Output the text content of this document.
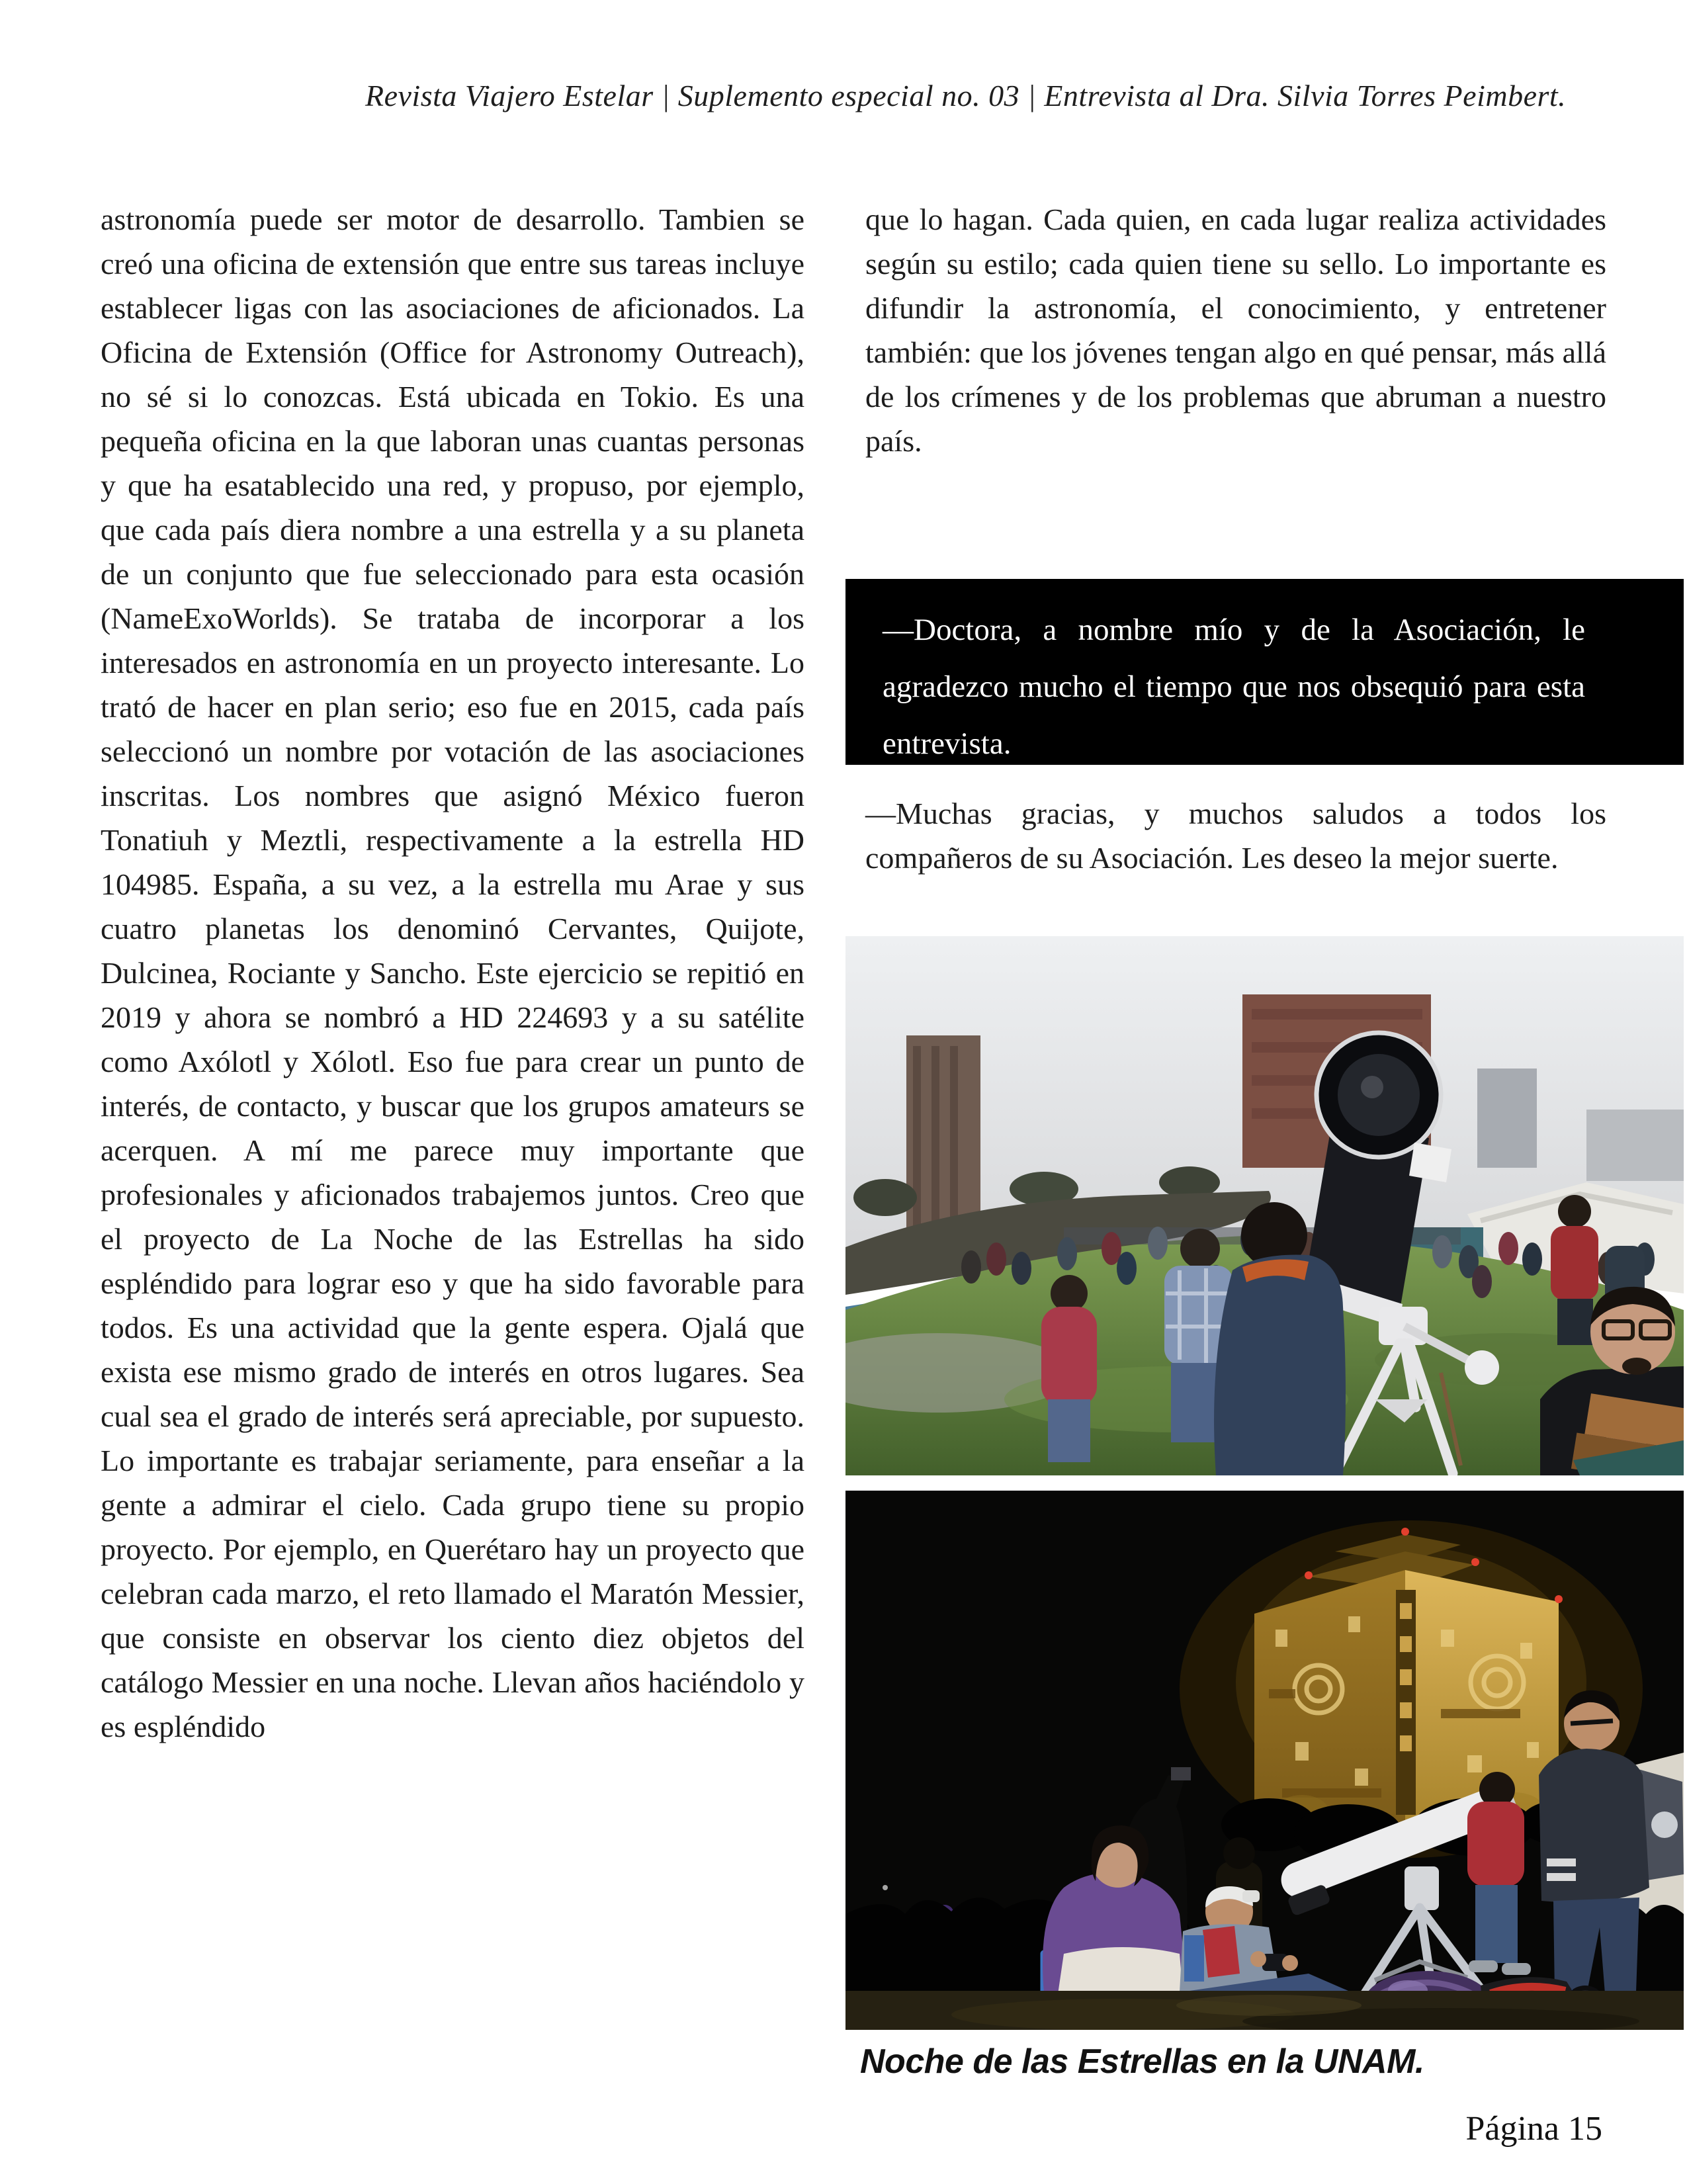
Revista Viajero Estelar | Suplemento especial no. 03 | Entrevista al Dra. Silvia Torres Peimbert.
astronomía puede ser motor de desarrollo. Tambien se creó una oficina de extensión que entre sus tareas incluye establecer ligas con las asociaciones de aficionados. La Oficina de Extensión (Office for Astronomy Outreach), no sé si lo conozcas. Está ubicada en Tokio. Es una pequeña oficina en la que laboran unas cuantas personas y que ha esatablecido una red, y propuso, por ejemplo, que cada país diera nombre a una estrella y a su planeta de un conjunto que fue seleccionado para esta ocasión (NameExoWorlds). Se trataba de incorporar a los interesados en astronomía en un proyecto interesante. Lo trató de hacer en plan serio; eso fue en 2015, cada país seleccionó un nombre por votación de las asociaciones inscritas. Los nombres que asignó México fueron Tonatiuh y Meztli, respectivamente a la estrella HD 104985. España, a su vez, a la estrella mu Arae y sus cuatro planetas los denominó Cervantes, Quijote, Dulcinea, Rociante y Sancho. Este ejercicio se repitió en 2019 y ahora se nombró a HD 224693 y a su satélite como Axólotl y Xólotl. Eso fue para crear un punto de interés, de contacto, y buscar que los grupos amateurs se acerquen. A mí me parece muy importante que profesionales y aficionados trabajemos juntos. Creo que el proyecto de La Noche de las Estrellas ha sido espléndido para lograr eso y que ha sido favorable para todos. Es una actividad que la gente espera. Ojalá que exista ese mismo grado de interés en otros lugares. Sea cual sea el grado de interés será apreciable, por supuesto. Lo importante es trabajar seriamente, para enseñar a la gente a admirar el cielo. Cada grupo tiene su propio proyecto. Por ejemplo, en Querétaro hay un proyecto que celebran cada marzo, el reto llamado el Maratón Messier, que consiste en observar los ciento diez objetos del catálogo Messier en una noche. Llevan años haciéndolo y es espléndido
que lo hagan. Cada quien, en cada lugar realiza actividades según su estilo; cada quien tiene su sello. Lo importante es difundir la astronomía, el conocimiento, y entretener también: que los jóvenes tengan algo en qué pensar, más allá de los crímenes y de los problemas que abruman a nuestro país.
—Doctora, a nombre mío y de la Asociación, le agradezco mucho el tiempo que nos obsequió para esta entrevista.
—Muchas gracias, y muchos saludos a todos los compañeros de su Asociación. Les deseo la mejor suerte.
Noche de las Estrellas en la UNAM.
Página 15
